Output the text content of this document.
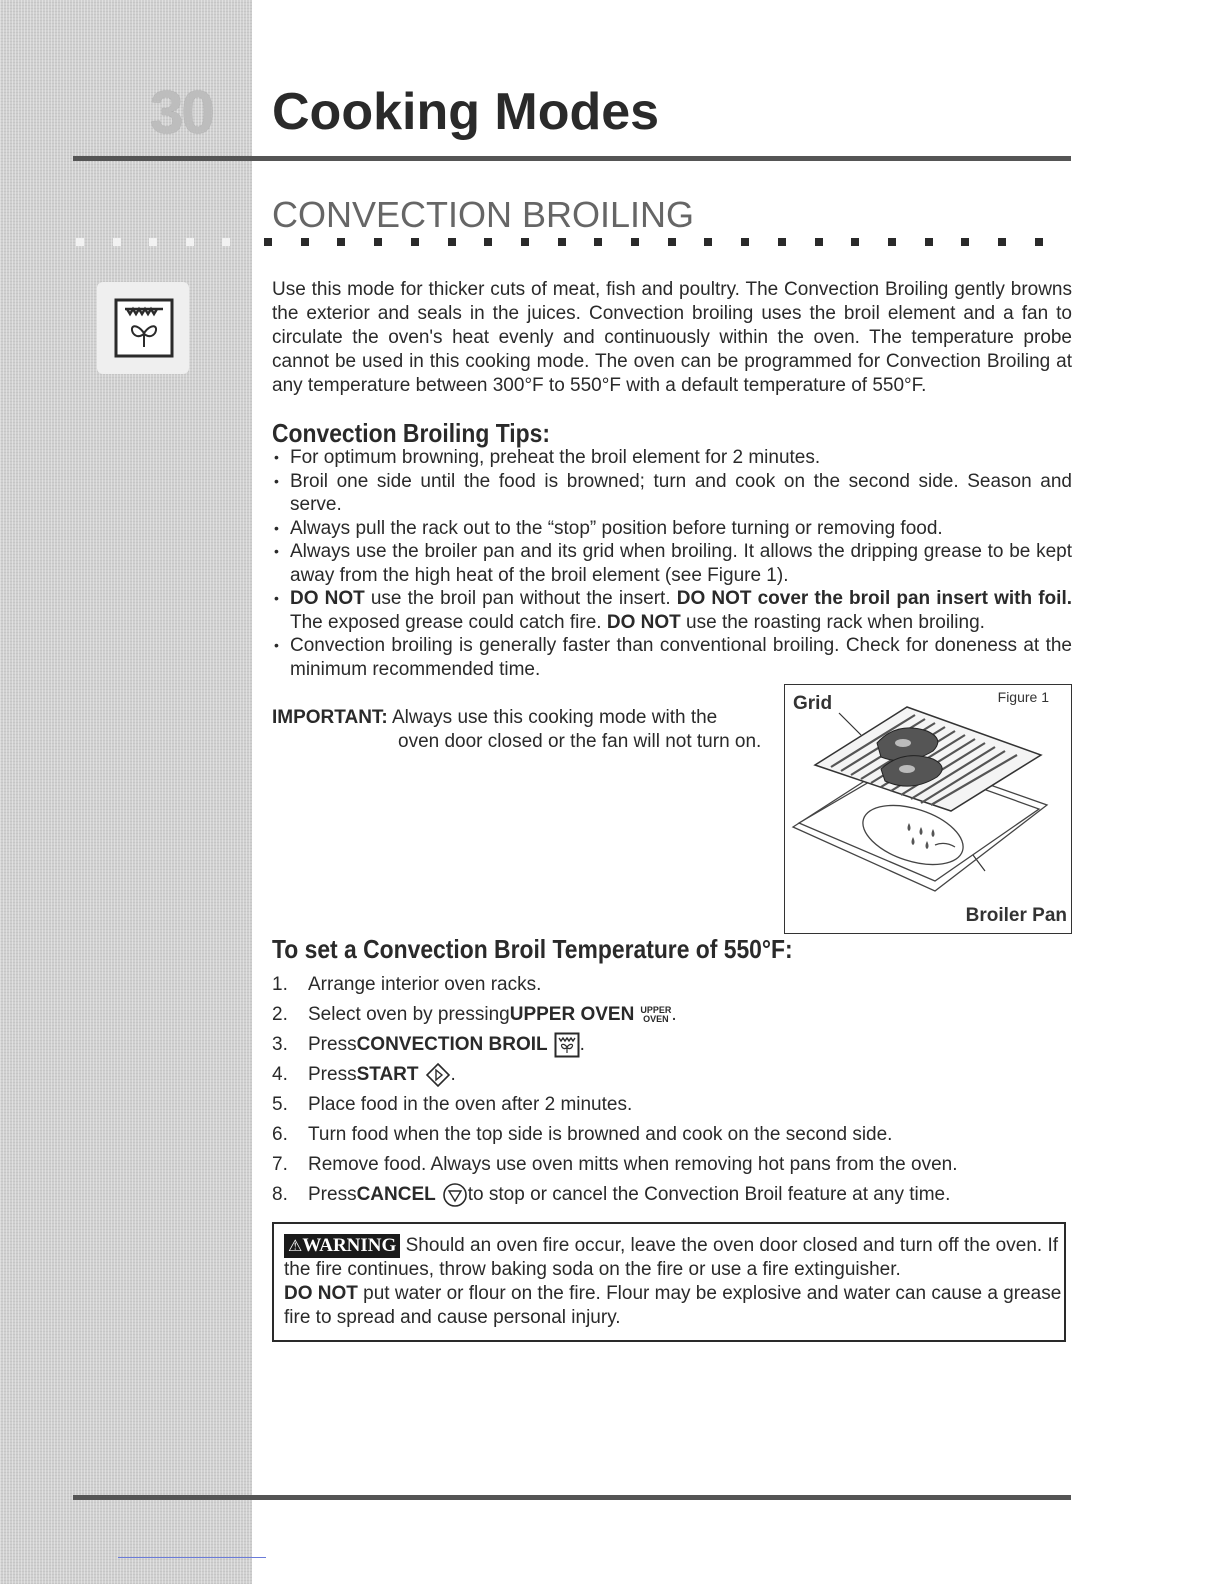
30	Cooking Modes
CONVECTION BROILING
Use this mode for thicker cuts of meat, fish and poultry. The Convection Broiling gently browns the exterior and seals in the juices. Convection broiling uses the broil element and a fan to circulate the oven's heat evenly and continuously within the oven. The temperature probe cannot be used in this cooking mode. The oven can be programmed for Convection Broiling at any temperature between 300°F to 550°F with a default temperature of 550°F.
Convection Broiling Tips:
• For optimum browning, preheat the broil element for 2 minutes.
• Broil one side until the food is browned; turn and cook on the second side. Season and serve.
• Always pull the rack out to the “stop” position before turning or removing food.
• Always use the broiler pan and its grid when broiling. It allows the dripping grease to be kept away from the high heat of the broil element (see Figure 1).
• DO NOT use the broil pan without the insert. DO NOT cover the broil pan insert with foil. The exposed grease could catch fire. DO NOT use the roasting rack when broiling.
• Convection broiling is generally faster than conventional broiling. Check for doneness at the minimum recommended time.
IMPORTANT: Always use this cooking mode with the
oven door closed or the fan will not turn on.
Figure 1
Grid
Broiler Pan
To set a Convection Broil Temperature of 550°F:
1.	Arrange interior oven racks.
2.	Select oven by pressing UPPER OVEN UPPER
OVEN .
3.	Press CONVECTION BROIL .
4.	Press START .
5.	Place food in the oven after 2 minutes.
6.	Turn food when the top side is browned and cook on the second side.
7.	Remove food. Always use oven mitts when removing hot pans from the oven.
8.	Press CANCEL to stop or cancel the Convection Broil feature at any time.
⚠WARNING Should an oven fire occur, leave the oven door closed and turn off the oven. If the fire continues, throw baking soda on the fire or use a fire extinguisher.
DO NOT put water or flour on the fire. Flour may be explosive and water can cause a grease fire to spread and cause personal injury.
